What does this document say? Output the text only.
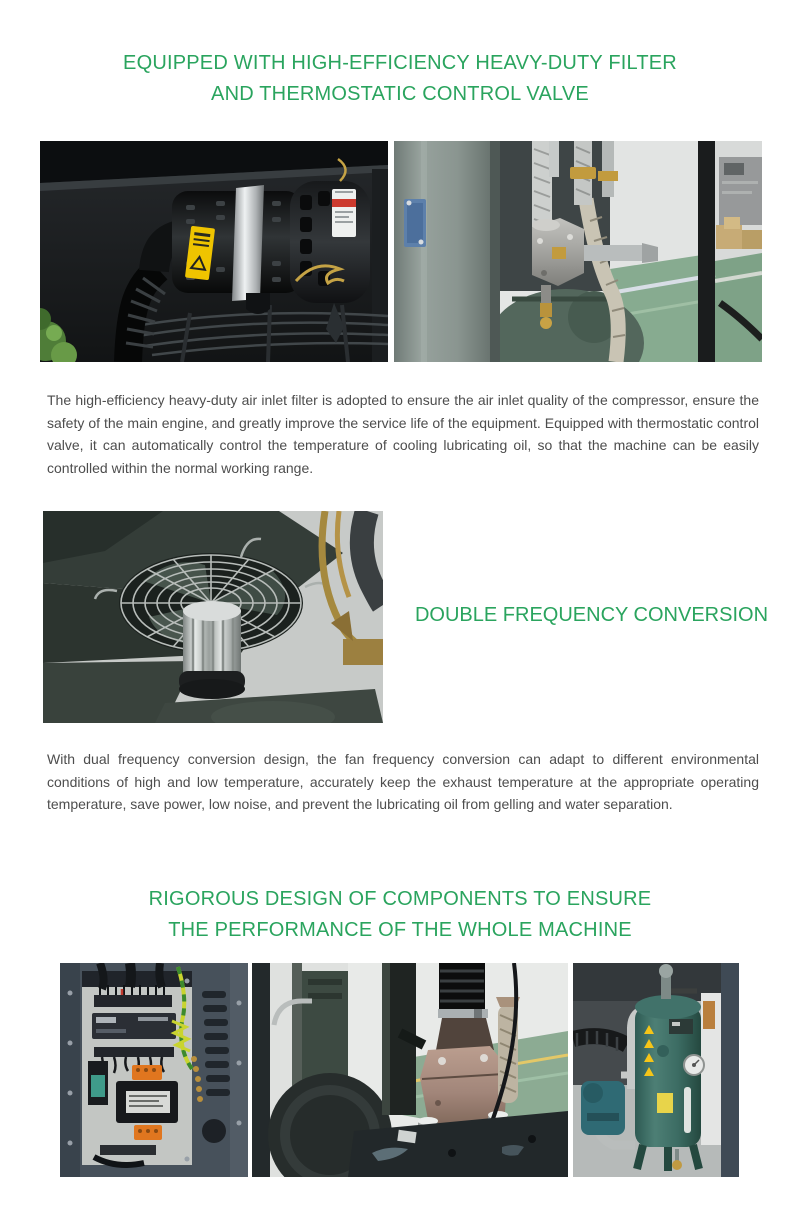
EQUIPPED WITH HIGH-EFFICIENCY HEAVY-DUTY FILTER
AND THERMOSTATIC CONTROL VALVE

The high-efficiency heavy-duty air inlet filter is adopted to ensure the air inlet quality of the compressor, ensure the safety of the main engine, and greatly improve the service life of the equipment. Equipped with thermostatic control valve, it can automatically control the temperature of cooling lubricating oil, so that the machine can be easily controlled within the normal working range.

DOUBLE FREQUENCY CONVERSION

With dual frequency conversion design, the fan frequency conversion can adapt to different environmental conditions of high and low temperature, accurately keep the exhaust temperature at the appropriate operating temperature, save power, low noise, and prevent the lubricating oil from gelling and water separation.

RIGOROUS DESIGN OF COMPONENTS TO ENSURE
THE PERFORMANCE OF THE WHOLE MACHINE
